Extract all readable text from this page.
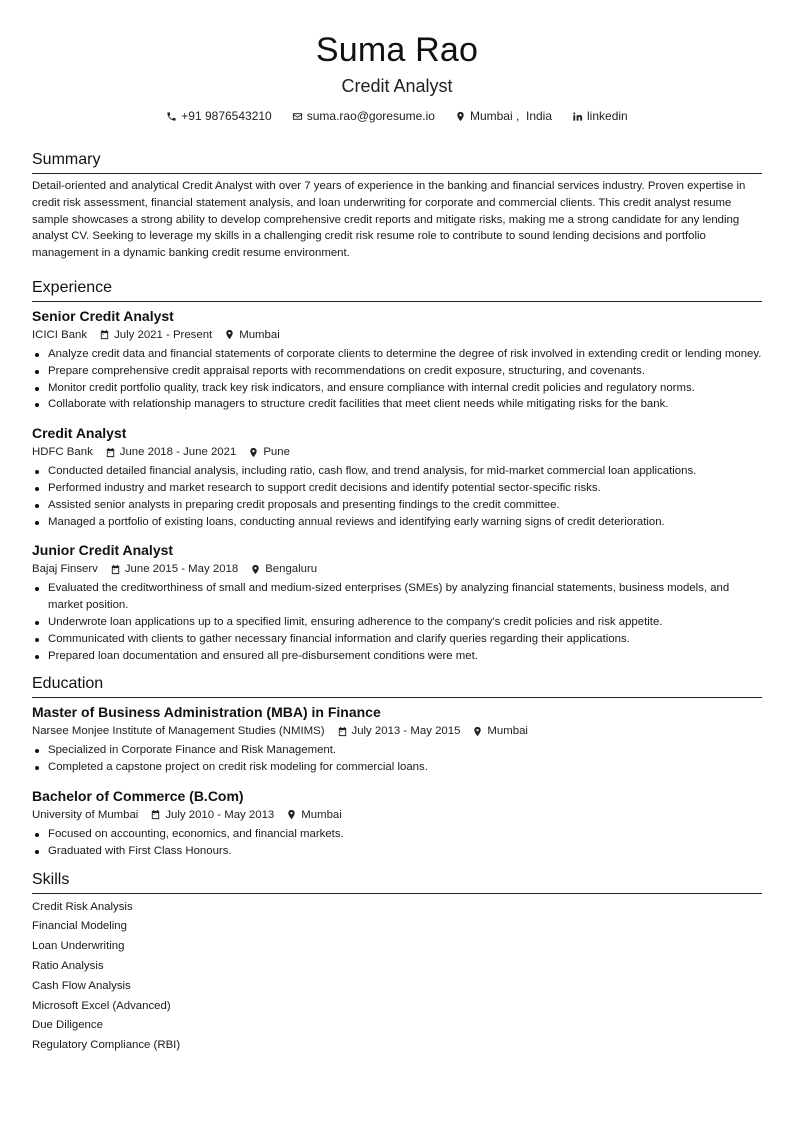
Suma Rao
Credit Analyst
+91 9876543210	suma.rao@goresume.io	Mumbai ,  India	linkedin
Summary

Detail-oriented and analytical Credit Analyst with over 7 years of experience in the banking and financial services industry. Proven expertise in credit risk assessment, financial statement analysis, and loan underwriting for corporate and commercial clients. This credit analyst resume sample showcases a strong ability to develop comprehensive credit reports and mitigate risks, making me a strong candidate for any lending analyst CV. Seeking to leverage my skills in a challenging credit risk resume role to contribute to sound lending decisions and portfolio management in a dynamic banking credit resume environment.

Experience
Senior Credit Analyst
ICICI Bank July 2021 - Present Mumbai
Analyze credit data and financial statements of corporate clients to determine the degree of risk involved in extending credit or lending money.
Prepare comprehensive credit appraisal reports with recommendations on credit exposure, structuring, and covenants.
Monitor credit portfolio quality, track key risk indicators, and ensure compliance with internal credit policies and regulatory norms.
Collaborate with relationship managers to structure credit facilities that meet client needs while mitigating risks for the bank.
Credit Analyst
HDFC Bank June 2018 - June 2021 Pune
Conducted detailed financial analysis, including ratio, cash flow, and trend analysis, for mid-market commercial loan applications.
Performed industry and market research to support credit decisions and identify potential sector-specific risks.
Assisted senior analysts in preparing credit proposals and presenting findings to the credit committee.
Managed a portfolio of existing loans, conducting annual reviews and identifying early warning signs of credit deterioration.
Junior Credit Analyst
Bajaj Finserv June 2015 - May 2018 Bengaluru
Evaluated the creditworthiness of small and medium-sized enterprises (SMEs) by analyzing financial statements, business models, and market position.
Underwrote loan applications up to a specified limit, ensuring adherence to the company's credit policies and risk appetite.
Communicated with clients to gather necessary financial information and clarify queries regarding their applications.
Prepared loan documentation and ensured all pre-disbursement conditions were met.
Education
Master of Business Administration (MBA) in Finance
Narsee Monjee Institute of Management Studies (NMIMS) July 2013 - May 2015 Mumbai
Specialized in Corporate Finance and Risk Management.
Completed a capstone project on credit risk modeling for commercial loans.
Bachelor of Commerce (B.Com)
University of Mumbai July 2010 - May 2013 Mumbai
Focused on accounting, economics, and financial markets.
Graduated with First Class Honours.
Skills
Credit Risk Analysis
Financial Modeling
Loan Underwriting
Ratio Analysis
Cash Flow Analysis
Microsoft Excel (Advanced)
Due Diligence
Regulatory Compliance (RBI)
